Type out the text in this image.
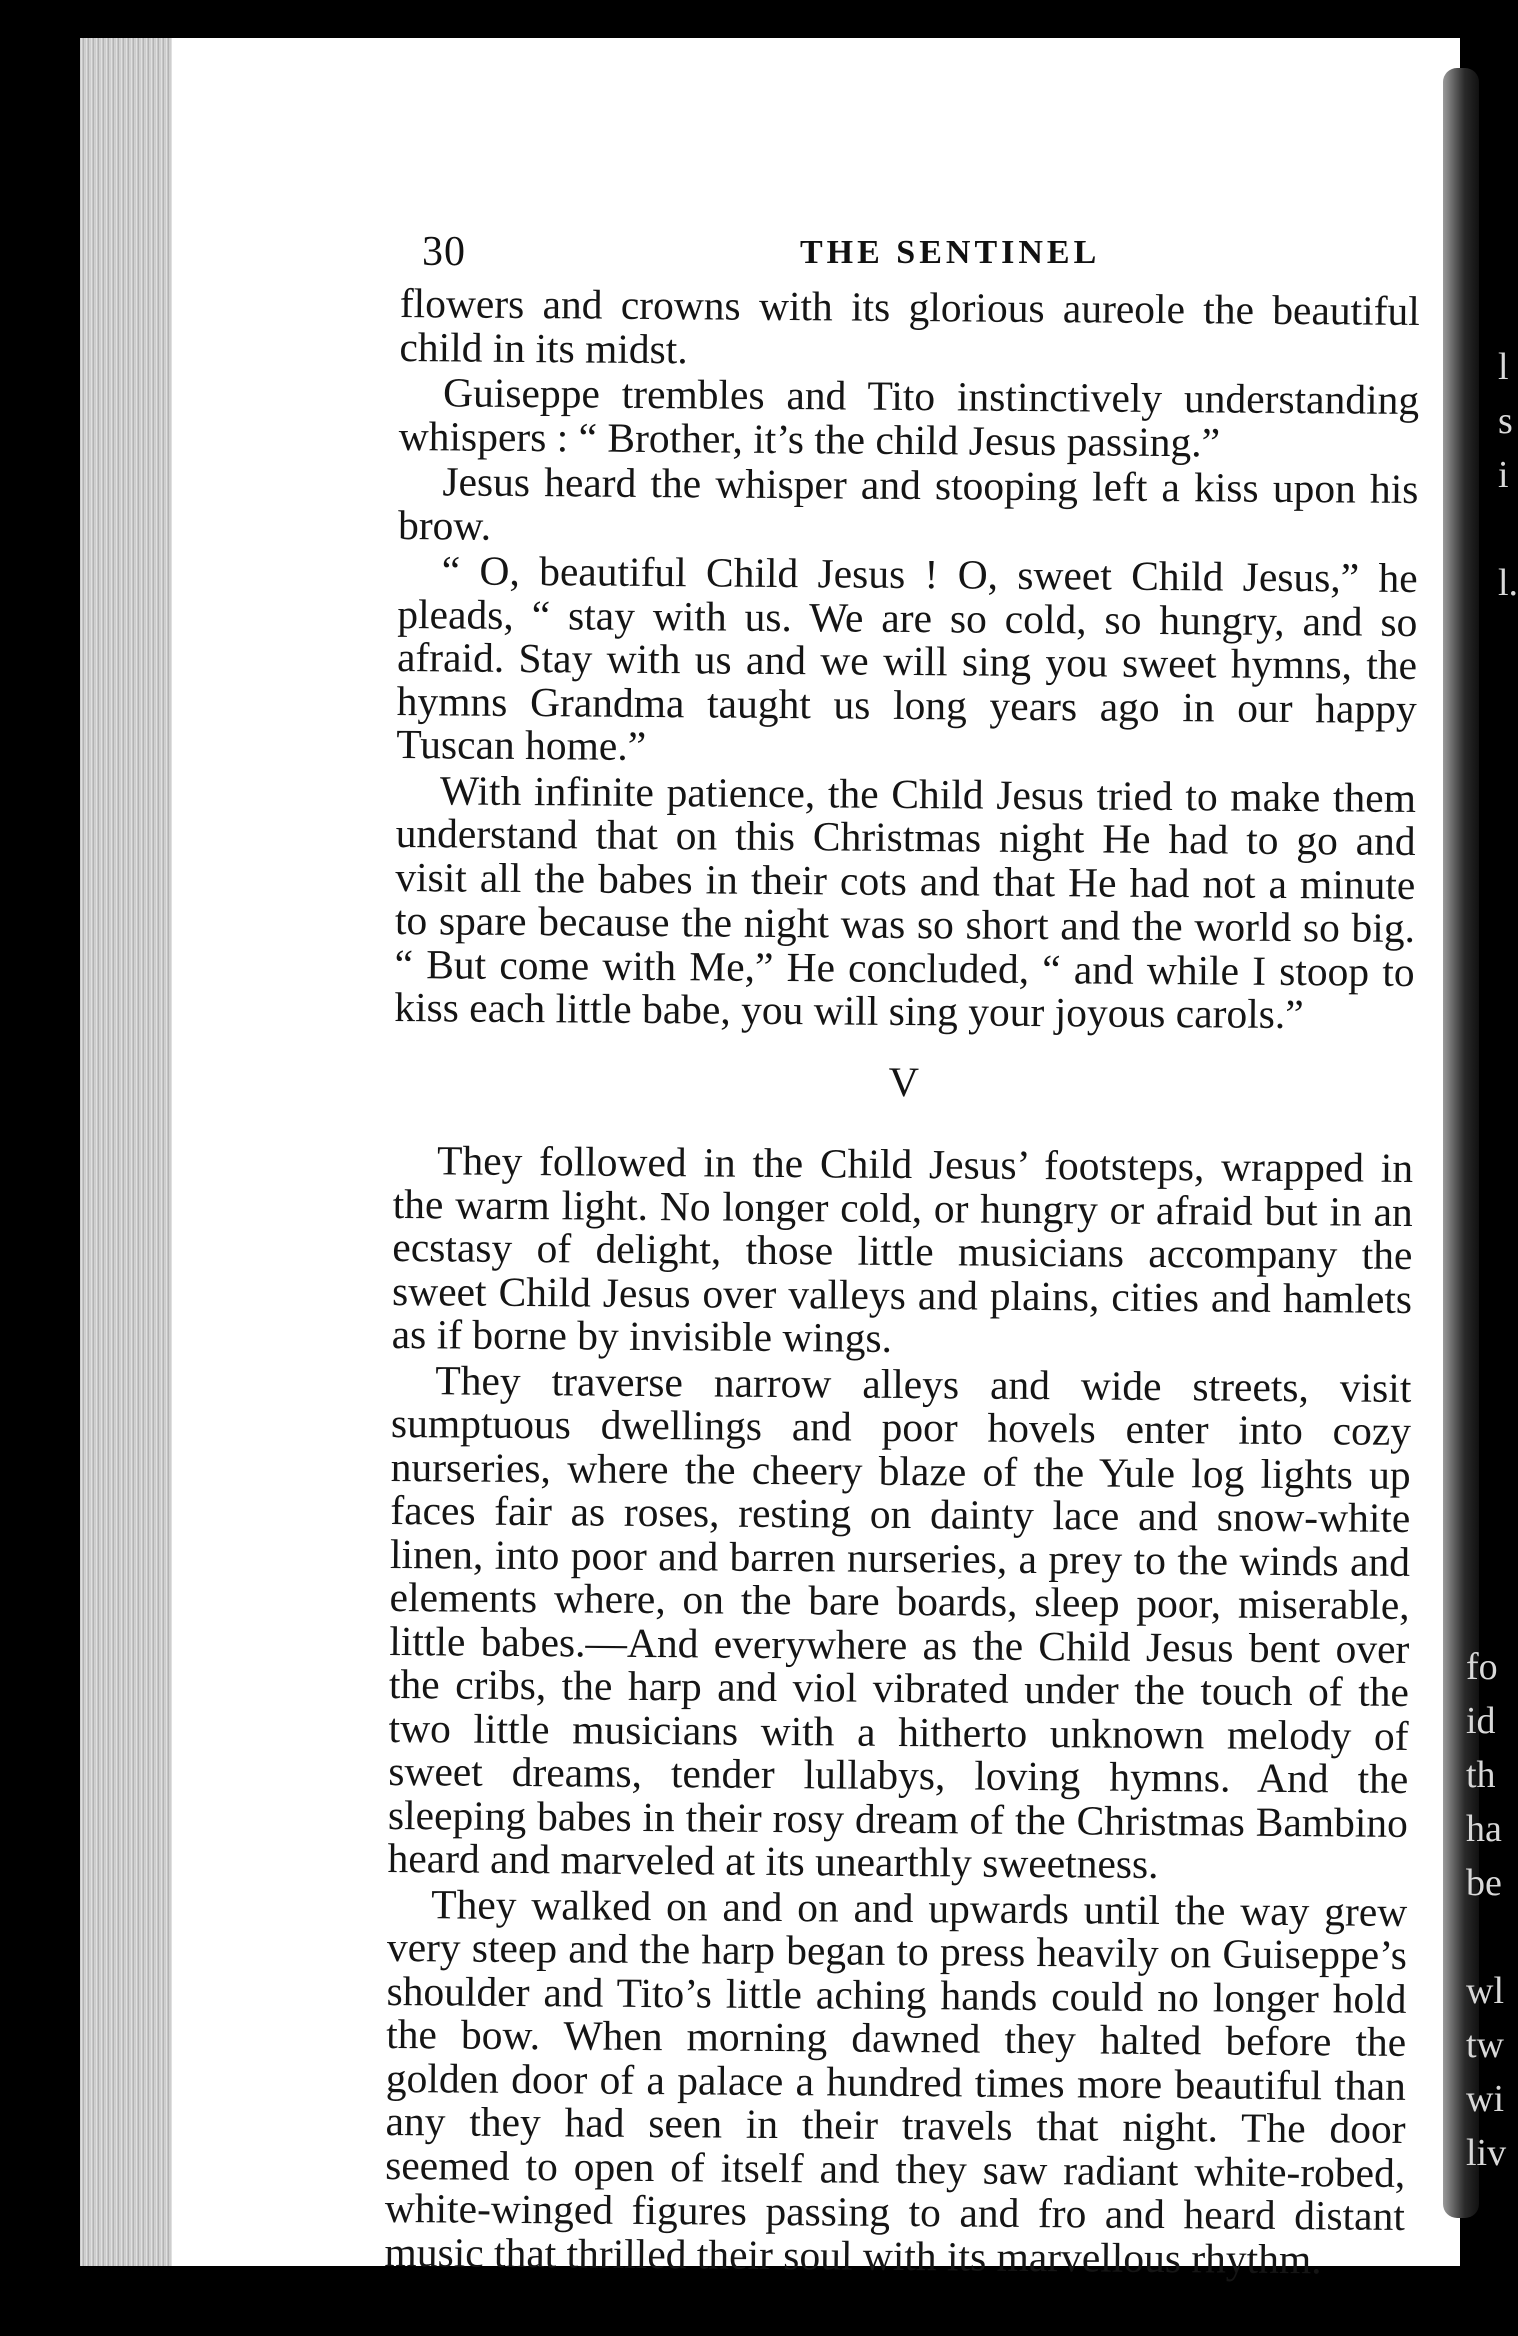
30	THE SENTINEL

flowers and crowns with its glorious aureole the beautiful child in its midst.

Guiseppe trembles and Tito instinctively understanding whispers : “ Brother, it’s the child Jesus passing.”

Jesus heard the whisper and stooping left a kiss upon his brow.

“ O, beautiful Child Jesus ! O, sweet Child Jesus,” he pleads, “ stay with us. We are so cold, so hungry, and so afraid. Stay with us and we will sing you sweet hymns, the hymns Grandma taught us long years ago in our happy Tuscan home.”

With infinite patience, the Child Jesus tried to make them understand that on this Christmas night He had to go and visit all the babes in their cots and that He had not a minute to spare because the night was so short and the world so big. “ But come with Me,” He concluded, “ and while I stoop to kiss each little babe, you will sing your joyous carols.”

V

They followed in the Child Jesus’ footsteps, wrapped in the warm light. No longer cold, or hungry or afraid but in an ecstasy of delight, those little musicians accompany the sweet Child Jesus over valleys and plains, cities and hamlets as if borne by invisible wings.

They traverse narrow alleys and wide streets, visit sumptuous dwellings and poor hovels enter into cozy nurseries, where the cheery blaze of the Yule log lights up faces fair as roses, resting on dainty lace and snow-white linen, into poor and barren nurseries, a prey to the winds and elements where, on the bare boards, sleep poor, miserable, little babes.—And everywhere as the Child Jesus bent over the cribs, the harp and viol vibrated under the touch of the two little musicians with a hitherto unknown melody of sweet dreams, tender lullabys, loving hymns. And the sleeping babes in their rosy dream of the Christmas Bambino heard and marveled at its unearthly sweetness.

They walked on and on and upwards until the way grew very steep and the harp began to press heavily on Guiseppe’s shoulder and Tito’s little aching hands could no longer hold the bow. When morning dawned they halted before the golden door of a palace a hundred times more beautiful than any they had seen in their travels that night. The door seemed to open of itself and they saw radiant white-robed, white-winged figures passing to and fro and heard distant music that thrilled their soul with its marvellous rhythm.

l
s
i

l.
fo
id
th
ha
be

wl
tw
wi
liv
